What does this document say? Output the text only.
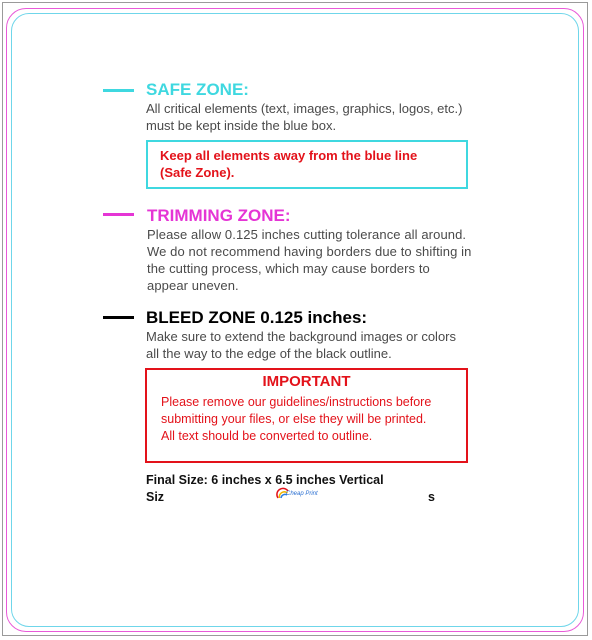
SAFE ZONE:
All critical elements (text, images, graphics, logos, etc.)
must be kept inside the blue box.
Keep all elements away from the blue line
(Safe Zone).
TRIMMING ZONE:
Please allow 0.125 inches cutting tolerance all around.
We do not recommend having borders due to shifting in
the cutting process, which may cause borders to
appear uneven.
BLEED ZONE 0.125 inches:
Make sure to extend the background images or colors
all the way to the edge of the black outline.
IMPORTANT
Please remove our guidelines/instructions before
submitting your files, or else they will be printed.
All text should be converted to outline.
Final Size: 6 inches x 6.5 inches Vertical
Siz	s
Cheap Print
